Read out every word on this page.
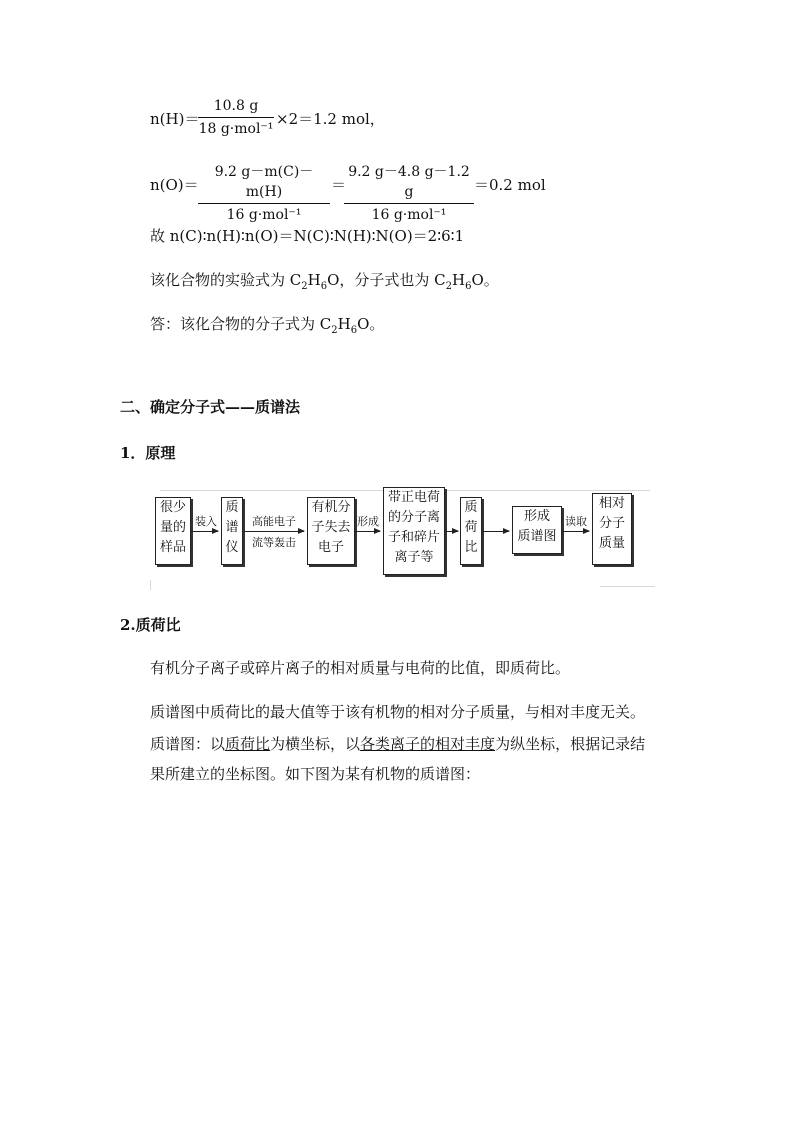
n(H)＝
10.8 g
18 g·mol⁻¹
×2＝1.2 mol，
n(O)＝
9.2 g－m(C)－m(H)
16 g·mol⁻¹
＝
9.2 g－4.8 g－1.2 g
16 g·mol⁻¹
＝0.2 mol
故 n(C)∶n(H)∶n(O)＝N(C)∶N(H)∶N(O)＝2∶6∶1
该化合物的实验式为 $C_2H_6O$，分子式也为 $C_2H_6O$。
答：该化合物的分子式为 $C_2H_6O$。
二、确定分子式——质谱法
1．原理
很少
量的
样品
装入
质
谱
仪
高能电子
流等轰击
有机分
子失去
电子
形成
带正电荷
的分子离
子和碎片
离子等
质
荷
比
形成
质谱图
读取
相对
分子
质量
2.质荷比
有机分子离子或碎片离子的相对质量与电荷的比值，即质荷比。
质谱图中质荷比的最大值等于该有机物的相对分子质量，与相对丰度无关。
质谱图：以质荷比为横坐标，以各类离子的相对丰度为纵坐标，根据记录结
果所建立的坐标图。如下图为某有机物的质谱图：
